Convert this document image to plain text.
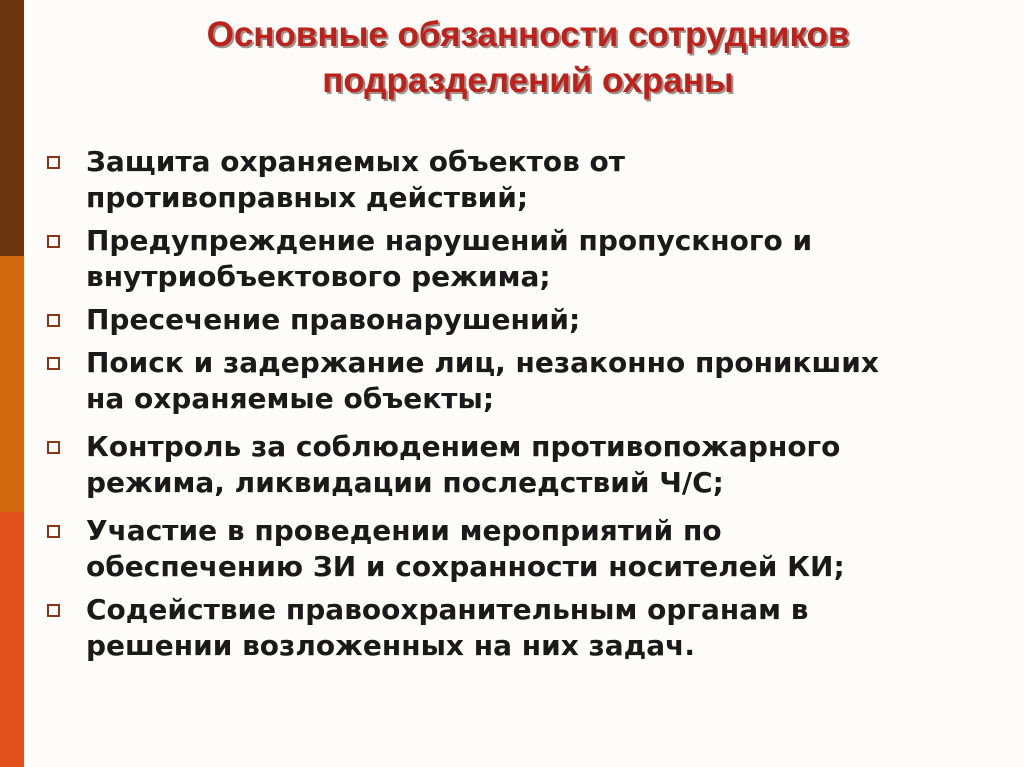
Основные обязанности сотрудников
подразделений охраны
Защита охраняемых объектов от
противоправных действий;
Предупреждение нарушений пропускного и
внутриобъектового режима;
Пресечение правонарушений;
Поиск и задержание лиц, незаконно проникших
на охраняемые объекты;
Контроль за соблюдением противопожарного
режима, ликвидации последствий Ч/С;
Участие в проведении мероприятий по
обеспечению ЗИ и сохранности носителей КИ;
Содействие правоохранительным органам в
решении возложенных на них задач.
